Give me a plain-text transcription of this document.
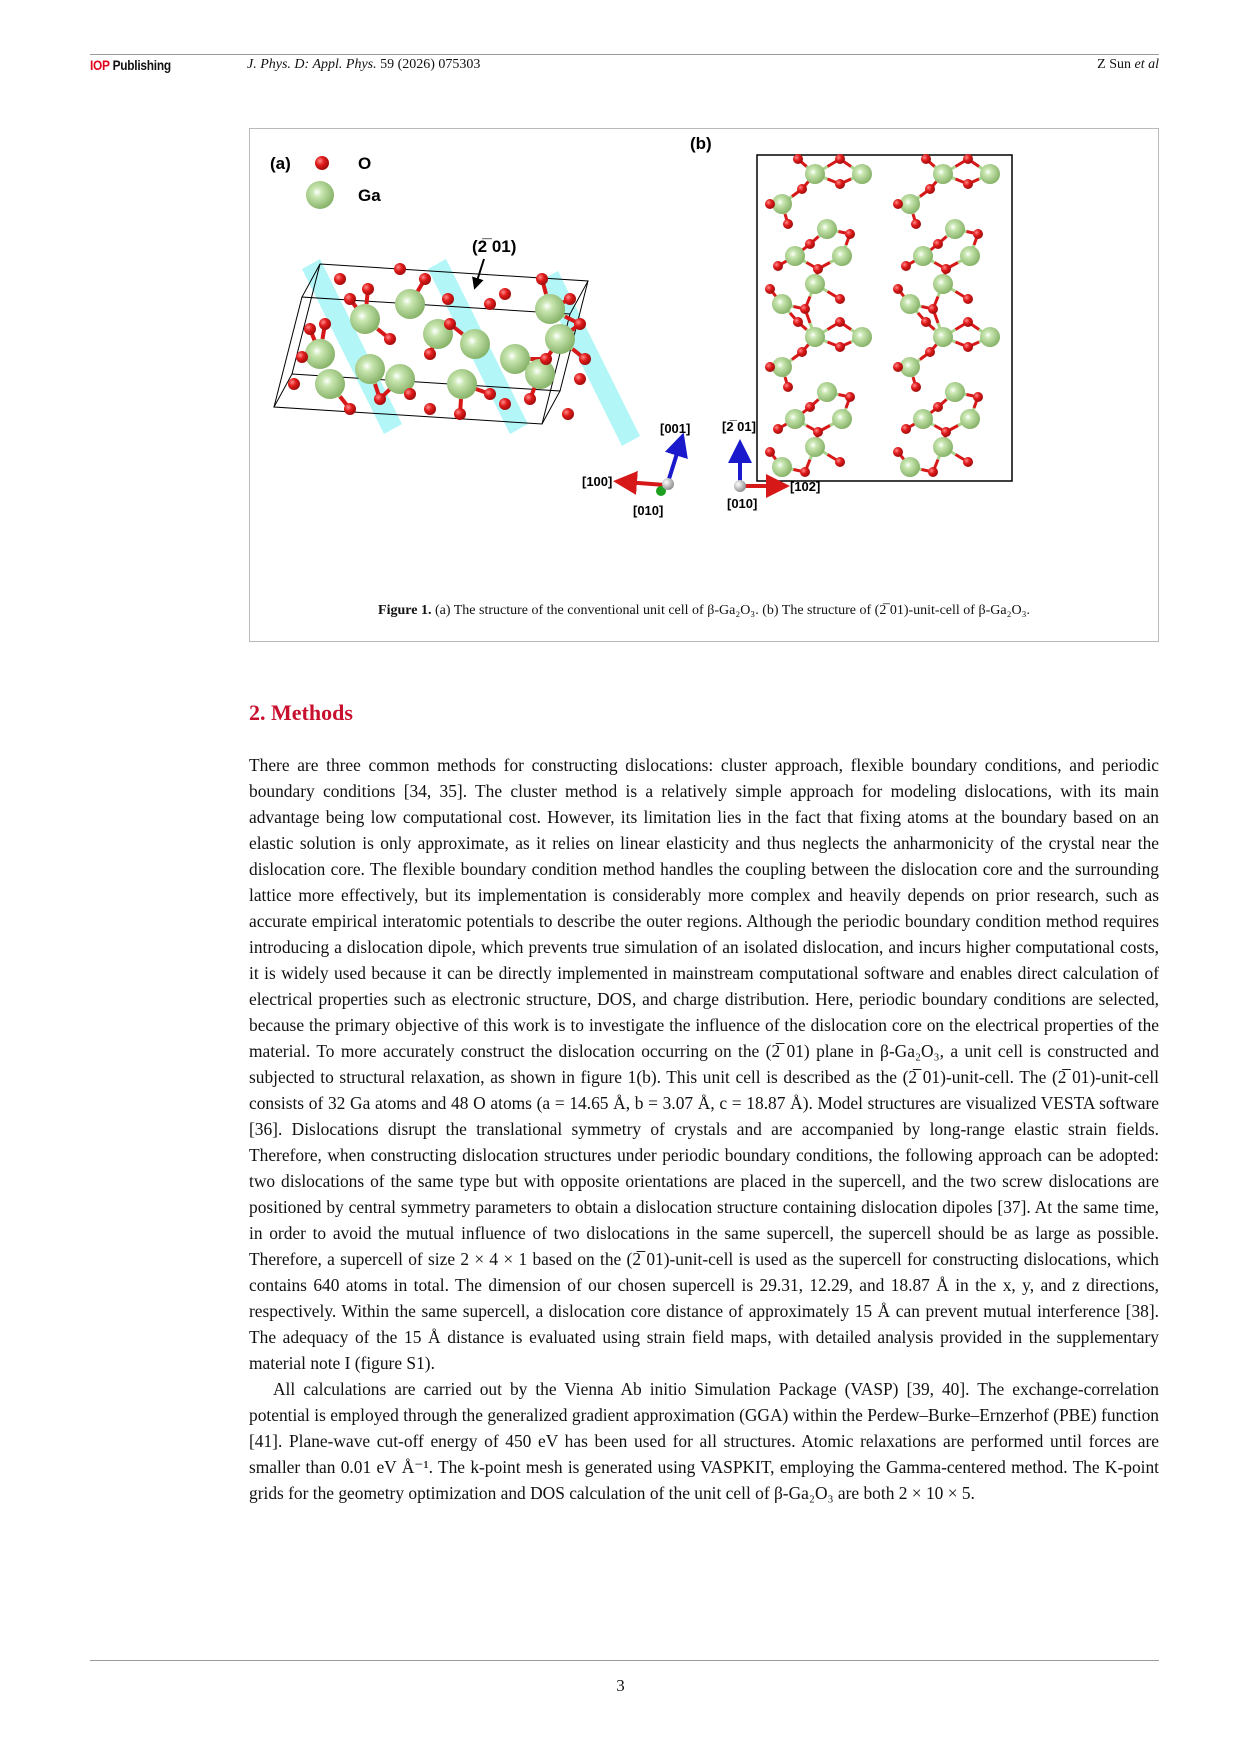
IOP Publishing	J. Phys. D: Appl. Phys. 59 (2026) 075303	Z Sun et al
(a)	O
Ga
(2̅ 01)
[001]
[100]
[010]
(b)
[2̅ 01]
[102]
[010]
Figure 1. (a) The structure of the conventional unit cell of β-Ga₂O₃. (b) The structure of (2̅ 01)-unit-cell of β-Ga₂O₃.
2. Methods

There are three common methods for constructing dislocations: cluster approach, flexible boundary conditions, and periodic boundary conditions [34, 35]. The cluster method is a relatively simple approach for modeling dislocations, with its main advantage being low computational cost. However, its limitation lies in the fact that fixing atoms at the boundary based on an elastic solution is only approximate, as it relies on linear elasticity and thus neglects the anharmonicity of the crystal near the dislocation core. The flexible boundary condition method handles the coupling between the dislocation core and the surrounding lattice more effectively, but its implementation is considerably more complex and heavily depends on prior research, such as accurate empirical interatomic potentials to describe the outer regions. Although the periodic boundary condition method requires introducing a dislocation dipole, which prevents true simulation of an isolated dislocation, and incurs higher computational costs, it is widely used because it can be directly implemented in mainstream computational software and enables direct calculation of electrical properties such as electronic structure, DOS, and charge distribution. Here, periodic boundary conditions are selected, because the primary objective of this work is to investigate the influence of the dislocation core on the electrical properties of the material. To more accurately construct the dislocation occurring on the (2̅ 01) plane in β-Ga₂O₃, a unit cell is constructed and subjected to structural relaxation, as shown in figure 1(b). This unit cell is described as the (2̅ 01)-unit-cell. The (2̅ 01)-unit-cell consists of 32 Ga atoms and 48 O atoms (a = 14.65 Å, b = 3.07 Å, c = 18.87 Å). Model structures are visualized VESTA software [36]. Dislocations disrupt the translational symmetry of crystals and are accompanied by long-range elastic strain fields. Therefore, when constructing dislocation structures under periodic boundary conditions, the following approach can be adopted: two dislocations of the same type but with opposite orientations are placed in the supercell, and the two screw dislocations are positioned by central symmetry parameters to obtain a dislocation structure containing dislocation dipoles [37]. At the same time, in order to avoid the mutual influence of two dislocations in the same supercell, the supercell should be as large as possible. Therefore, a supercell of size 2 × 4 × 1 based on the (2̅ 01)-unit-cell is used as the supercell for constructing dislocations, which contains 640 atoms in total. The dimension of our chosen supercell is 29.31, 12.29, and 18.87 Å in the x, y, and z directions, respectively. Within the same supercell, a dislocation core distance of approximately 15 Å can prevent mutual interference [38]. The adequacy of the 15 Å distance is evaluated using strain field maps, with detailed analysis provided in the supplementary material note I (figure S1).

All calculations are carried out by the Vienna Ab initio Simulation Package (VASP) [39, 40]. The exchange-correlation potential is employed through the generalized gradient approximation (GGA) within the Perdew–Burke–Ernzerhof (PBE) function [41]. Plane-wave cut-off energy of 450 eV has been used for all structures. Atomic relaxations are performed until forces are smaller than 0.01 eV Å⁻¹. The k-point mesh is generated using VASPKIT, employing the Gamma-centered method. The K-point grids for the geometry optimization and DOS calculation of the unit cell of β-Ga₂O₃ are both 2 × 10 × 5.

3
